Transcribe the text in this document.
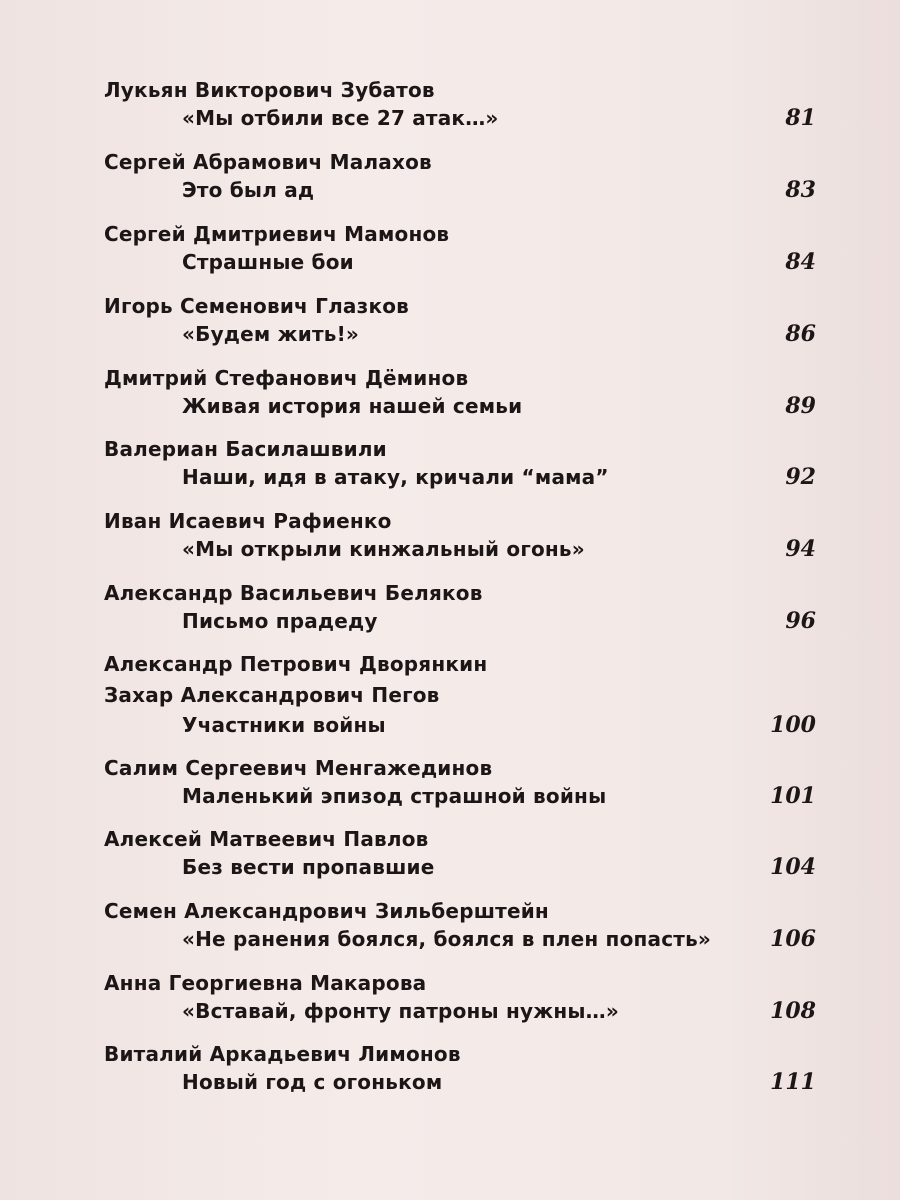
Лукьян Викторович Зубатов
«Мы отбили все 27 атак…»	81
Сергей Абрамович Малахов
Это был ад	83
Сергей Дмитриевич Мамонов
Страшные бои	84
Игорь Семенович Глазков
«Будем жить!»	86
Дмитрий Стефанович Дёминов
Живая история нашей семьи	89
Валериан Басилашвили
Наши, идя в атаку, кричали “мама”	92
Иван Исаевич Рафиенко
«Мы открыли кинжальный огонь»	94
Александр Васильевич Беляков
Письмо прадеду	96
Александр Петрович Дворянкин
Захар Александрович Пегов
Участники войны	100
Салим Сергеевич Менгажединов
Маленький эпизод страшной войны	101
Алексей Матвеевич Павлов
Без вести пропавшие	104
Семен Александрович Зильберштейн
«Не ранения боялся, боялся в плен попасть»	106
Анна Георгиевна Макарова
«Вставай, фронту патроны нужны…»	108
Виталий Аркадьевич Лимонов
Новый год с огоньком	111
